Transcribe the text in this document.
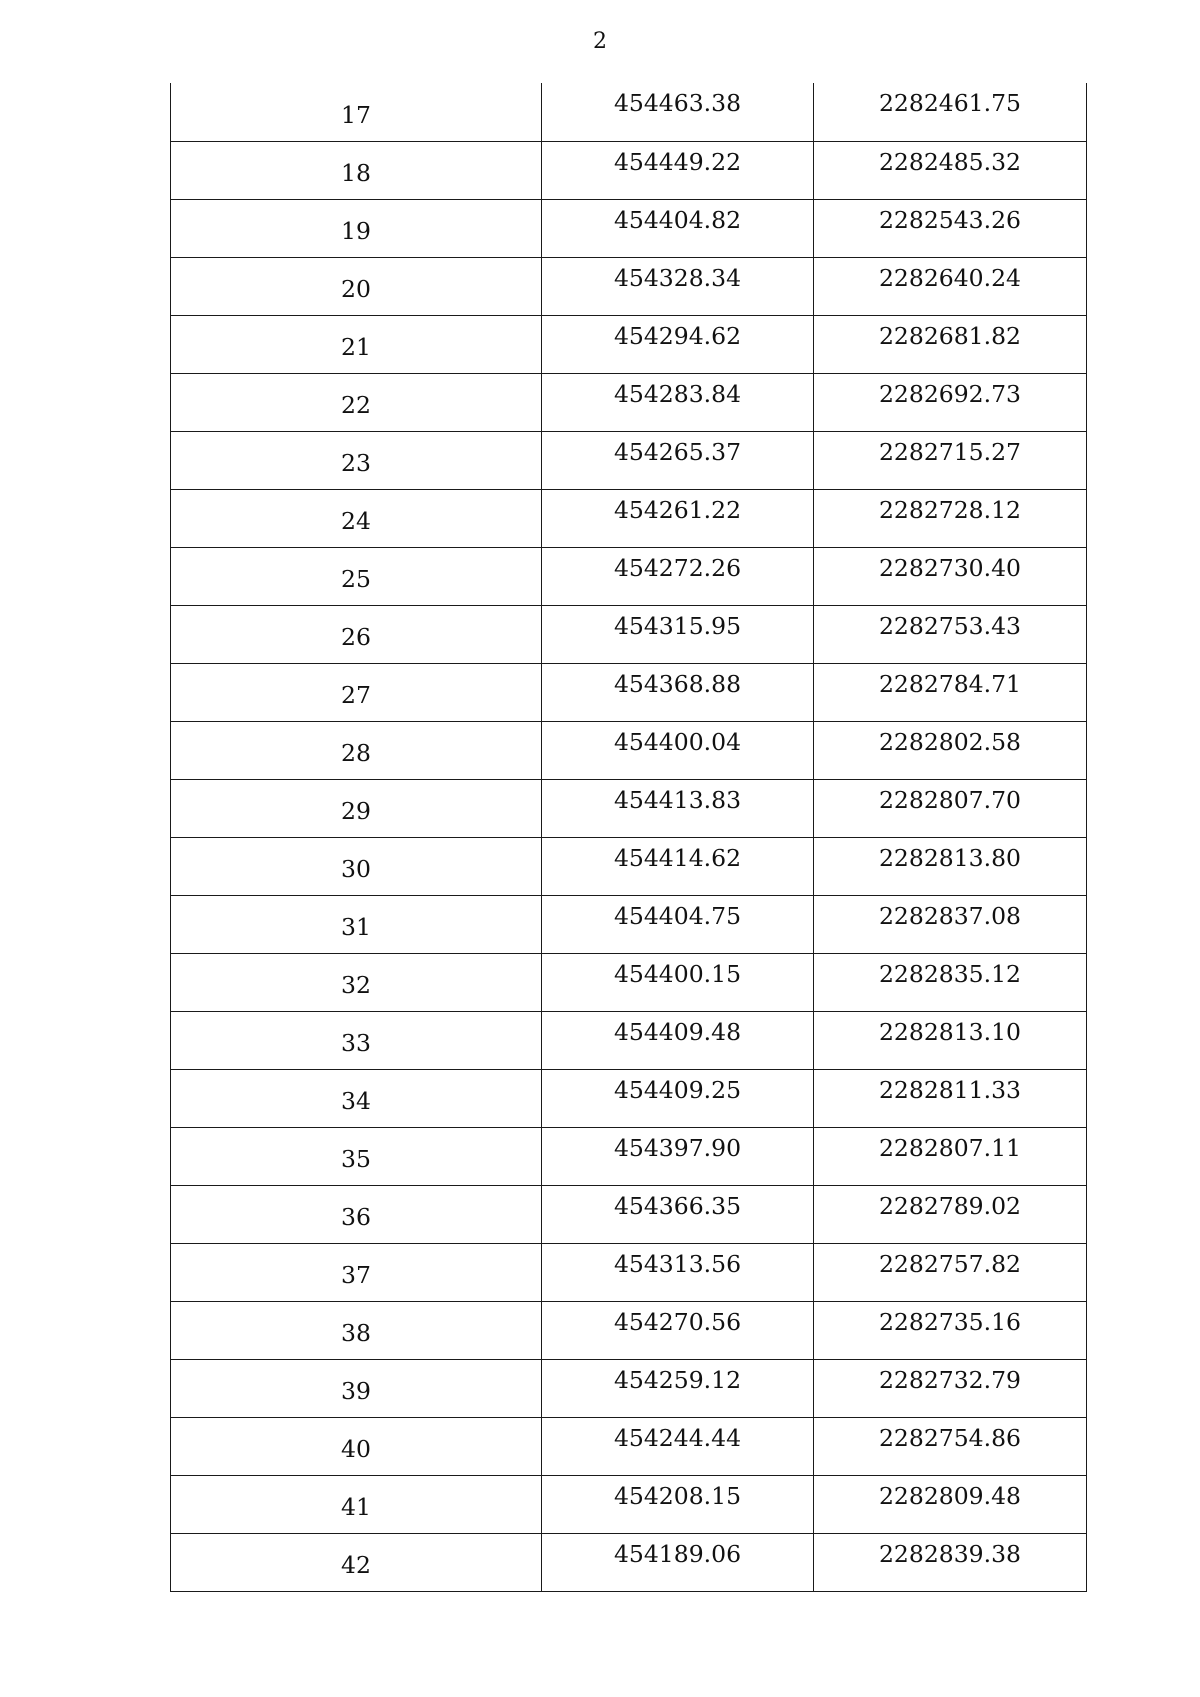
2
17	454463.38	2282461.75
18	454449.22	2282485.32
19	454404.82	2282543.26
20	454328.34	2282640.24
21	454294.62	2282681.82
22	454283.84	2282692.73
23	454265.37	2282715.27
24	454261.22	2282728.12
25	454272.26	2282730.40
26	454315.95	2282753.43
27	454368.88	2282784.71
28	454400.04	2282802.58
29	454413.83	2282807.70
30	454414.62	2282813.80
31	454404.75	2282837.08
32	454400.15	2282835.12
33	454409.48	2282813.10
34	454409.25	2282811.33
35	454397.90	2282807.11
36	454366.35	2282789.02
37	454313.56	2282757.82
38	454270.56	2282735.16
39	454259.12	2282732.79
40	454244.44	2282754.86
41	454208.15	2282809.48
42	454189.06	2282839.38
